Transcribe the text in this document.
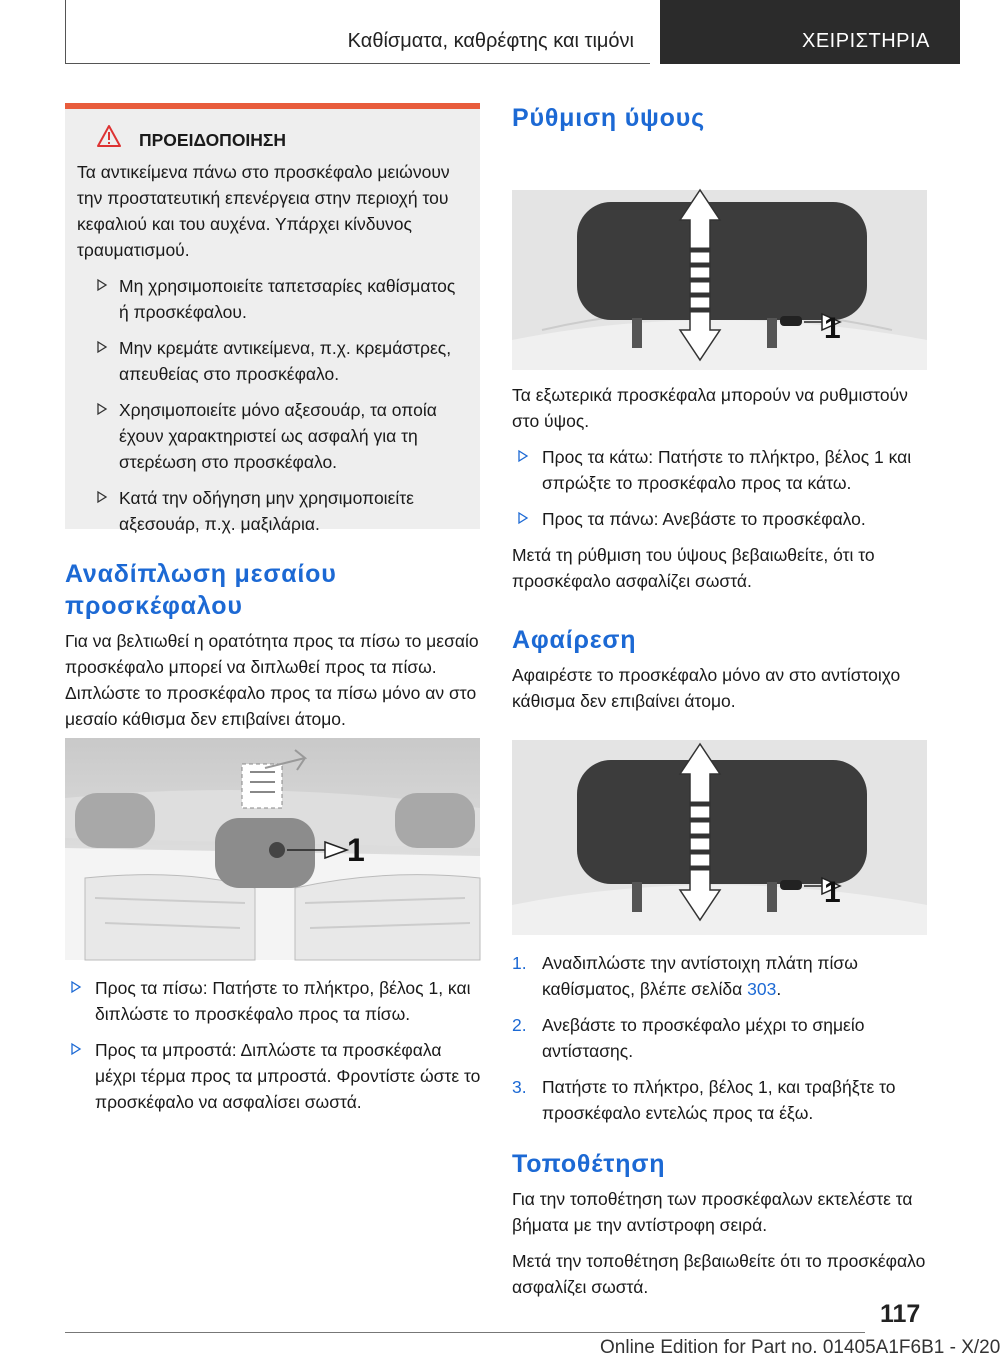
Καθίσματα, καθρέφτης και τιμόνι	ΧΕΙΡΙΣΤΗΡΙΑ
ΠΡΟΕΙΔΟΠΟΙΗΣΗ

Τα αντικείμενα πάνω στο προσκέφαλο μειώνουν την προστατευτική επενέργεια στην περιοχή του κεφαλιού και του αυχένα. Υπάρχει κίνδυνος τραυματισμού.

Μη χρησιμοποιείτε ταπετσαρίες καθίσματος ή προσκέφαλου.
Μην κρεμάτε αντικείμενα, π.χ. κρεμάστρες, απευθείας στο προσκέφαλο.
Χρησιμοποιείτε μόνο αξεσουάρ, τα οποία έχουν χαρακτηριστεί ως ασφαλή για τη στερέωση στο προσκέφαλο.
Κατά την οδήγηση μην χρησιμοποιείτε αξεσουάρ, π.χ. μαξιλάρια.
Αναδίπλωση μεσαίου
προσκέφαλου

Για να βελτιωθεί η ορατότητα προς τα πίσω το μεσαίο προσκέφαλο μπορεί να διπλωθεί προς τα πίσω. Διπλώστε το προσκέφαλο προς τα πίσω μόνο αν στο μεσαίο κάθισμα δεν επιβαίνει άτομο.

1
Προς τα πίσω: Πατήστε το πλήκτρο, βέλος 1, και διπλώστε το προσκέφαλο προς τα πίσω.
Προς τα μπροστά: Διπλώστε τα προσκέφαλα μέχρι τέρμα προς τα μπροστά. Φροντίστε ώστε το προσκέφαλο να ασφαλίσει σωστά.
Ρύθμιση ύψους
1

Τα εξωτερικά προσκέφαλα μπορούν να ρυθμιστούν στο ύψος.

Προς τα κάτω: Πατήστε το πλήκτρο, βέλος 1 και σπρώξτε το προσκέφαλο προς τα κάτω.
Προς τα πάνω: Ανεβάστε το προσκέφαλο.

Μετά τη ρύθμιση του ύψους βεβαιωθείτε, ότι το προσκέφαλο ασφαλίζει σωστά.

Αφαίρεση

Αφαιρέστε το προσκέφαλο μόνο αν στο αντίστοιχο κάθισμα δεν επιβαίνει άτομο.

1
1. Αναδιπλώστε την αντίστοιχη πλάτη πίσω καθίσματος, βλέπε σελίδα 303.
2. Ανεβάστε το προσκέφαλο μέχρι το σημείο αντίστασης.
3. Πατήστε το πλήκτρο, βέλος 1, και τραβήξτε το προσκέφαλο εντελώς προς τα έξω.
Τοποθέτηση

Για την τοποθέτηση των προσκέφαλων εκτελέστε τα βήματα με την αντίστροφη σειρά.

Μετά την τοποθέτηση βεβαιωθείτε ότι το προσκέφαλο ασφαλίζει σωστά.

117
Online Edition for Part no. 01405A1F6B1 - X/20
